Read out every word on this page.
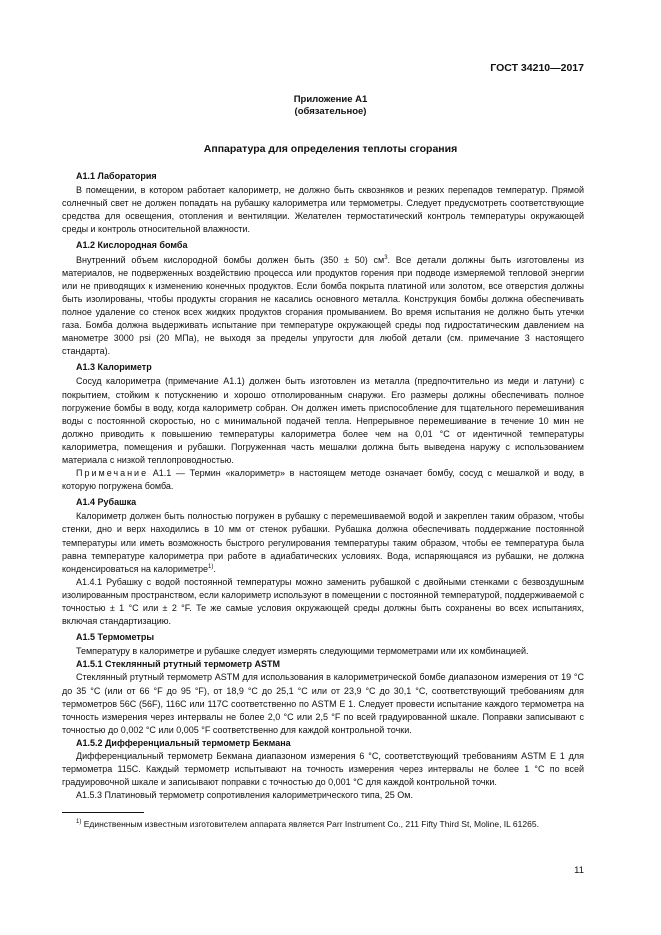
ГОСТ 34210—2017
Приложение А1
(обязательное)
Аппаратура для определения теплоты сгорания
А1.1 Лаборатория

В помещении, в котором работает калориметр, не должно быть сквозняков и резких перепадов температур. Прямой солнечный свет не должен попадать на рубашку калориметра или термометры. Следует предусмотреть соответствующие средства для освещения, отопления и вентиляции. Желателен термостатический контроль температуры окружающей среды и контроль относительной влажности.

А1.2 Кислородная бомба

Внутренний объем кислородной бомбы должен быть (350 ± 50) $см^3$. Все детали должны быть изготовлены из материалов, не подверженных воздействию процесса или продуктов горения при подводе измеряемой тепловой энергии или не приводящих к изменению конечных продуктов. Если бомба покрыта платиной или золотом, все отверстия должны быть изолированы, чтобы продукты сгорания не касались основного металла. Конструкция бомбы должна обеспечивать полное удаление со стенок всех жидких продуктов сгорания промыванием. Во время испытания не должно быть утечки газа. Бомба должна выдерживать испытание при температуре окружающей среды под гидростатическим давлением на манометре 3000 psi (20 МПа), не выходя за пределы упругости для любой детали (см. примечание 3 настоящего стандарта).

А1.3 Калориметр

Сосуд калориметра (примечание А1.1) должен быть изготовлен из металла (предпочтительно из меди и латуни) с покрытием, стойким к потускнению и хорошо отполированным снаружи. Его размеры должны обеспечивать полное погружение бомбы в воду, когда калориметр собран. Он должен иметь приспособление для тщательного перемешивания воды с постоянной скоростью, но с минимальной подачей тепла. Непрерывное перемешивание в течение 10 мин не должно приводить к повышению температуры калориметра более чем на 0,01 °С от идентичной температуры калориметра, помещения и рубашки. Погруженная часть мешалки должна быть выведена наружу с использованием материала с низкой теплопроводностью.

Примечание А1.1 — Термин «калориметр» в настоящем методе означает бомбу, сосуд с мешалкой и воду, в которую погружена бомба.

А1.4 Рубашка

Калориметр должен быть полностью погружен в рубашку с перемешиваемой водой и закреплен таким образом, чтобы стенки, дно и верх находились в 10 мм от стенок рубашки. Рубашка должна обеспечивать поддержание постоянной температуры или иметь возможность быстрого регулирования температуры таким образом, чтобы ее температура была равна температуре калориметра при работе в адиабатических условиях. Вода, испаряющаяся из рубашки, не должна конденсироваться на калориметре$^{1)}$.

А1.4.1 Рубашку с водой постоянной температуры можно заменить рубашкой с двойными стенками с безвоздушным изолированным пространством, если калориметр используют в помещении с постоянной температурой, поддерживаемой с точностью ± 1 °С или ± 2 °F. Те же самые условия окружающей среды должны быть сохранены во всех испытаниях, включая стандартизацию.

А1.5 Термометры

Температуру в калориметре и рубашке следует измерять следующими термометрами или их комбинацией.

А1.5.1 Стеклянный ртутный термометр ASTM

Стеклянный ртутный термометр ASTM для использования в калориметрической бомбе диапазоном измерения от 19 °С до 35 °С (или от 66 °F до 95 °F), от 18,9 °С до 25,1 °С или от 23,9 °С до 30,1 °С, соответствующий требованиям для термометров 56С (56F), 116С или 117С соответственно по ASTM E 1. Следует провести испытание каждого термометра на точность измерения через интервалы не более 2,0 °С или 2,5 °F по всей градуированной шкале. Поправки записывают с точностью до 0,002 °С или 0,005 °F соответственно для каждой контрольной точки.

А1.5.2 Дифференциальный термометр Бекмана

Дифференциальный термометр Бекмана диапазоном измерения 6 °С, соответствующий требованиям ASTM E 1 для термометра 115С. Каждый термометр испытывают на точность измерения через интервалы не более 1 °С по всей градуировочной шкале и записывают поправки с точностью до 0,001 °С для каждой контрольной точки.

А1.5.3 Платиновый термометр сопротивления калориметрического типа, 25 Ом.

$^{1)}$ Единственным известным изготовителем аппарата является Parr Instrument Co., 211 Fifty Third St, Moline, IL 61265.
11
